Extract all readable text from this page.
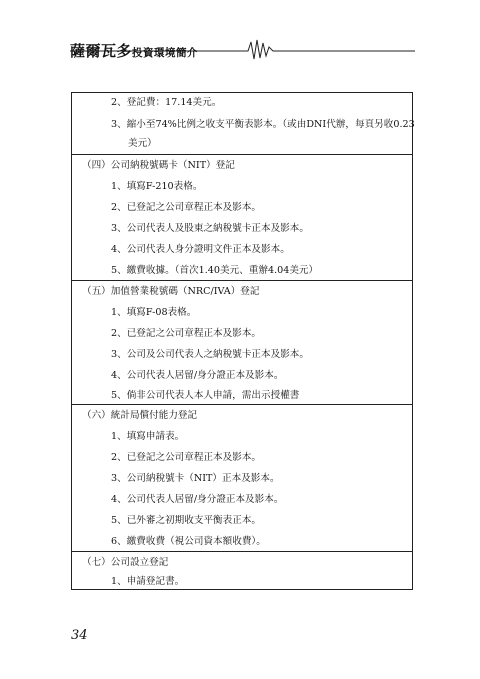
薩爾瓦多投資環境簡介
2、登記費：17.14美元。
3、縮小至74%比例之收支平衡表影本。（或由DNI代辦，每頁另收0.23
美元）
（四）公司納稅號碼卡（NIT）登記
1、填寫F-210表格。
2、已登記之公司章程正本及影本。
3、公司代表人及股東之納稅號卡正本及影本。
4、公司代表人身分證明文件正本及影本。
5、繳費收據。（首次1.40美元、重辦4.04美元）
（五）加值營業稅號碼（NRC/IVA）登記
1、填寫F-08表格。
2、已登記之公司章程正本及影本。
3、公司及公司代表人之納稅號卡正本及影本。
4、公司代表人居留/身分證正本及影本。
5、倘非公司代表人本人申請，需出示授權書
（六）統計局償付能力登記
1、填寫申請表。
2、已登記之公司章程正本及影本。
3、公司納稅號卡（NIT）正本及影本。
4、公司代表人居留/身分證正本及影本。
5、已外審之初期收支平衡表正本。
6、繳費收費（視公司資本額收費）。
（七）公司設立登記
1、申請登記書。
34
